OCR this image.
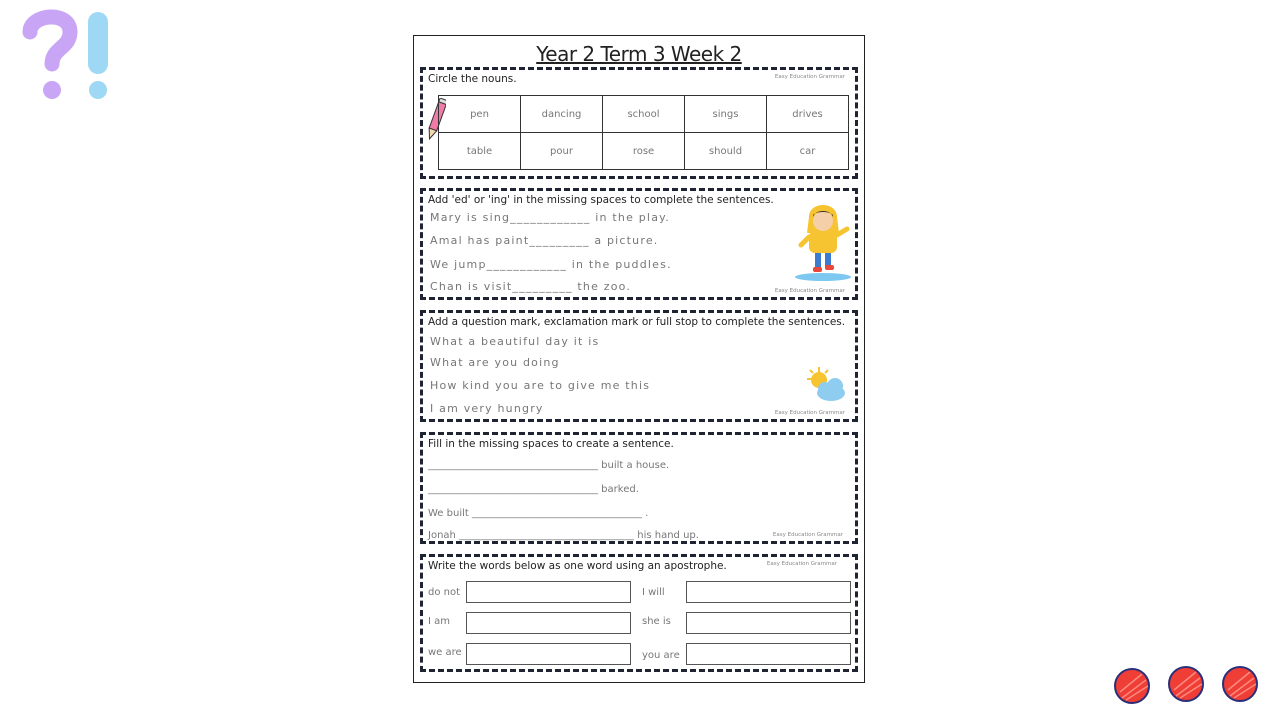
Year 2 Term 3 Week 2
Circle the nouns.	Easy Education Grammar
pen	dancing	school	sings	drives
table	pour	rose	should	car
Add 'ed' or 'ing' in the missing spaces to complete the sentences.
Mary is sing____________ in the play.
Amal has paint_________ a picture.
We jump____________ in the puddles.
Chan is visit_________ the zoo.	Easy Education Grammar
Add a question mark, exclamation mark or full stop to complete the sentences.
What a beautiful day it is
What are you doing
How kind you are to give me this
I am very hungry	Easy Education Grammar
Fill in the missing spaces to create a sentence.
__________________________________ built a house.
__________________________________ barked.
We built __________________________________ .
Jonah ___________________________________ his hand up.	Easy Education Grammar
Write the words below as one word using an apostrophe.	Easy Education Grammar
do not	I will
I am	she is
we are	you are
